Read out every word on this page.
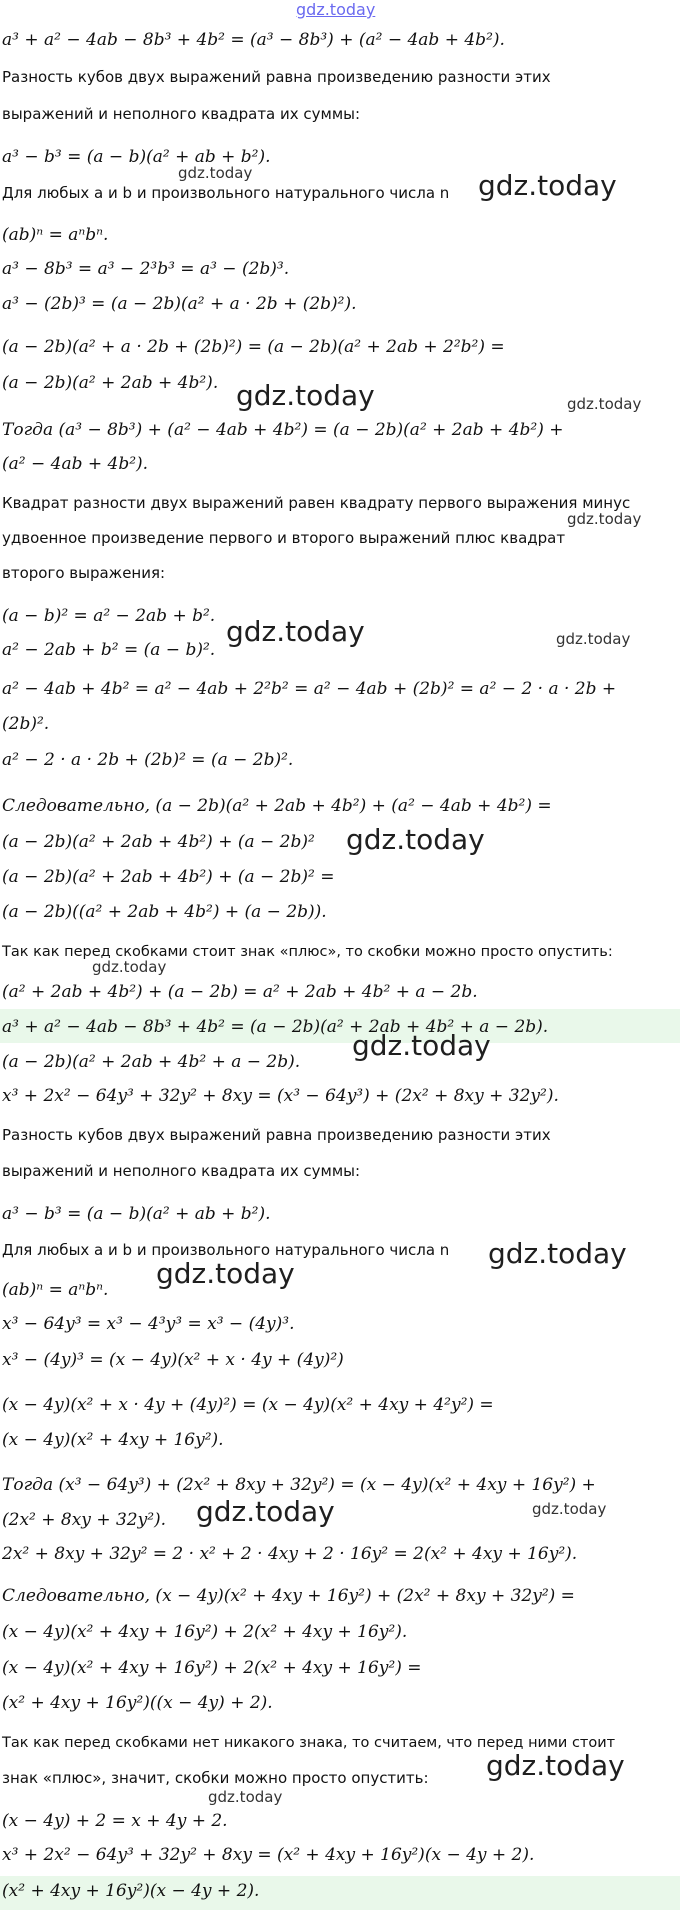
gdz.today
a³ + a² − 4ab − 8b³ + 4b² = (a³ − 8b³) + (a² − 4ab + 4b²).
Разность кубов двух выражений равна произведению разности этих
выражений и неполного квадрата их суммы:
a³ − b³ = (a − b)(a² + ab + b²).
Для любых a и b и произвольного натурального числа n
(ab)ⁿ = aⁿbⁿ.
a³ − 8b³ = a³ − 2³b³ = a³ − (2b)³.
a³ − (2b)³ = (a − 2b)(a² + a · 2b + (2b)²).
(a − 2b)(a² + a · 2b + (2b)²) = (a − 2b)(a² + 2ab + 2²b²) =
(a − 2b)(a² + 2ab + 4b²).
Тогда (a³ − 8b³) + (a² − 4ab + 4b²) = (a − 2b)(a² + 2ab + 4b²) +
(a² − 4ab + 4b²).
Квадрат разности двух выражений равен квадрату первого выражения минус
удвоенное произведение первого и второго выражений плюс квадрат
второго выражения:
(a − b)² = a² − 2ab + b².
a² − 2ab + b² = (a − b)².
a² − 4ab + 4b² = a² − 4ab + 2²b² = a² − 4ab + (2b)² = a² − 2 · a · 2b +
(2b)².
a² − 2 · a · 2b + (2b)² = (a − 2b)².
Следовательно, (a − 2b)(a² + 2ab + 4b²) + (a² − 4ab + 4b²) =
(a − 2b)(a² + 2ab + 4b²) + (a − 2b)²
(a − 2b)(a² + 2ab + 4b²) + (a − 2b)² =
(a − 2b)((a² + 2ab + 4b²) + (a − 2b)).
Так как перед скобками стоит знак «плюс», то скобки можно просто опустить:
(a² + 2ab + 4b²) + (a − 2b) = a² + 2ab + 4b² + a − 2b.
a³ + a² − 4ab − 8b³ + 4b² = (a − 2b)(a² + 2ab + 4b² + a − 2b).
(a − 2b)(a² + 2ab + 4b² + a − 2b).
x³ + 2x² − 64y³ + 32y² + 8xy = (x³ − 64y³) + (2x² + 8xy + 32y²).
Разность кубов двух выражений равна произведению разности этих
выражений и неполного квадрата их суммы:
a³ − b³ = (a − b)(a² + ab + b²).
Для любых a и b и произвольного натурального числа n
(ab)ⁿ = aⁿbⁿ.
x³ − 64y³ = x³ − 4³y³ = x³ − (4y)³.
x³ − (4y)³ = (x − 4y)(x² + x · 4y + (4y)²)
(x − 4y)(x² + x · 4y + (4y)²) = (x − 4y)(x² + 4xy + 4²y²) =
(x − 4y)(x² + 4xy + 16y²).
Тогда (x³ − 64y³) + (2x² + 8xy + 32y²) = (x − 4y)(x² + 4xy + 16y²) +
(2x² + 8xy + 32y²).
2x² + 8xy + 32y² = 2 · x² + 2 · 4xy + 2 · 16y² = 2(x² + 4xy + 16y²).
Следовательно, (x − 4y)(x² + 4xy + 16y²) + (2x² + 8xy + 32y²) =
(x − 4y)(x² + 4xy + 16y²) + 2(x² + 4xy + 16y²).
(x − 4y)(x² + 4xy + 16y²) + 2(x² + 4xy + 16y²) =
(x² + 4xy + 16y²)((x − 4y) + 2).
Так как перед скобками нет никакого знака, то считаем, что перед ними стоит
знак «плюс», значит, скобки можно просто опустить:
(x − 4y) + 2 = x + 4y + 2.
x³ + 2x² − 64y³ + 32y² + 8xy = (x² + 4xy + 16y²)(x − 4y + 2).
(x² + 4xy + 16y²)(x − 4y + 2).
gdz.today	gdz.today
gdz.today	gdz.today
gdz.today
gdz.today	gdz.today
gdz.today
gdz.today
gdz.today
gdz.today
gdz.today
gdz.today	gdz.today
gdz.today
gdz.today
